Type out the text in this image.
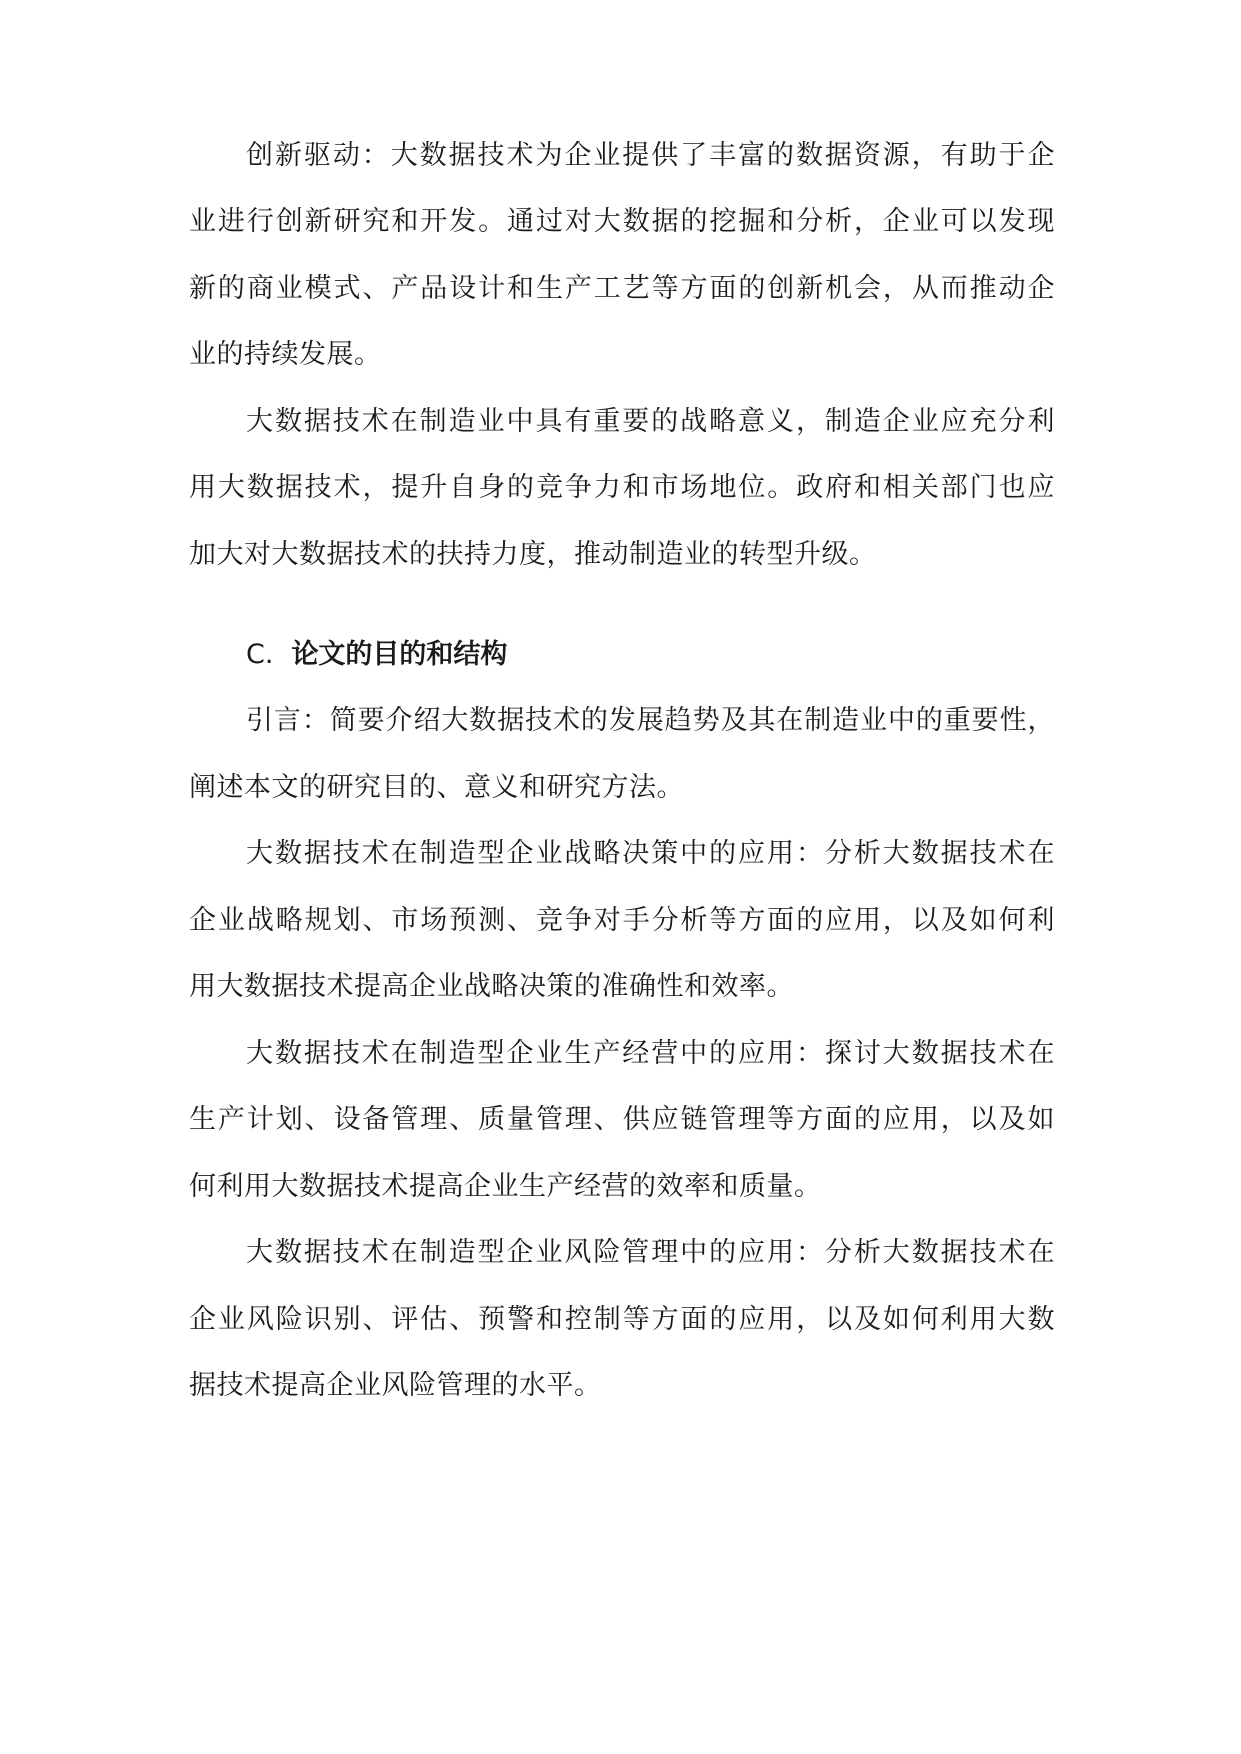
创新驱动：大数据技术为企业提供了丰富的数据资源，有助于企
业进行创新研究和开发。通过对大数据的挖掘和分析，企业可以发现
新的商业模式、产品设计和生产工艺等方面的创新机会，从而推动企
业的持续发展。
大数据技术在制造业中具有重要的战略意义，制造企业应充分利
用大数据技术，提升自身的竞争力和市场地位。政府和相关部门也应
加大对大数据技术的扶持力度，推动制造业的转型升级。
C. 论文的目的和结构
引言：简要介绍大数据技术的发展趋势及其在制造业中的重要性，
阐述本文的研究目的、意义和研究方法。
大数据技术在制造型企业战略决策中的应用：分析大数据技术在
企业战略规划、市场预测、竞争对手分析等方面的应用，以及如何利
用大数据技术提高企业战略决策的准确性和效率。
大数据技术在制造型企业生产经营中的应用：探讨大数据技术在
生产计划、设备管理、质量管理、供应链管理等方面的应用，以及如
何利用大数据技术提高企业生产经营的效率和质量。
大数据技术在制造型企业风险管理中的应用：分析大数据技术在
企业风险识别、评估、预警和控制等方面的应用，以及如何利用大数
据技术提高企业风险管理的水平。
